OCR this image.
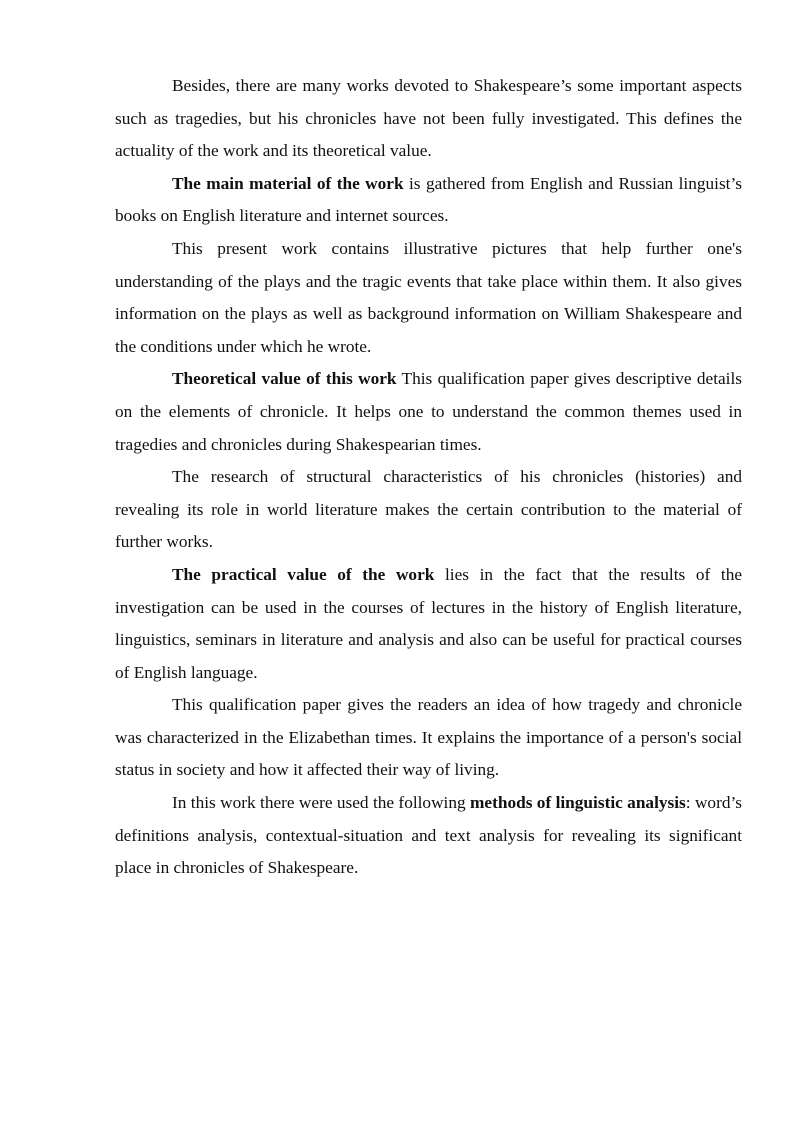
Besides, there are many works devoted to Shakespeare’s some important aspects such as tragedies, but his chronicles have not been fully investigated. This defines the actuality of the work and its theoretical value.

The main material of the work is gathered from English and Russian linguist’s books on English literature and internet sources.

This present work contains illustrative pictures that help further one's understanding of the plays and the tragic events that take place within them. It also gives information on the plays as well as background information on William Shakespeare and the conditions under which he wrote.

Theoretical value of this work This qualification paper gives descriptive details on the elements of chronicle. It helps one to understand the common themes used in tragedies and chronicles during Shakespearian times.

The research of structural characteristics of his chronicles (histories) and revealing its role in world literature makes the certain contribution to the material of further works.

The practical value of the work lies in the fact that the results of the investigation can be used in the courses of lectures in the history of English literature, linguistics, seminars in literature and analysis and also can be useful for practical courses of English language.

This qualification paper gives the readers an idea of how tragedy and chronicle was characterized in the Elizabethan times. It explains the importance of a person's social status in society and how it affected their way of living.

In this work there were used the following methods of linguistic analysis: word’s definitions analysis, contextual-situation and text analysis for revealing its significant place in chronicles of Shakespeare.
